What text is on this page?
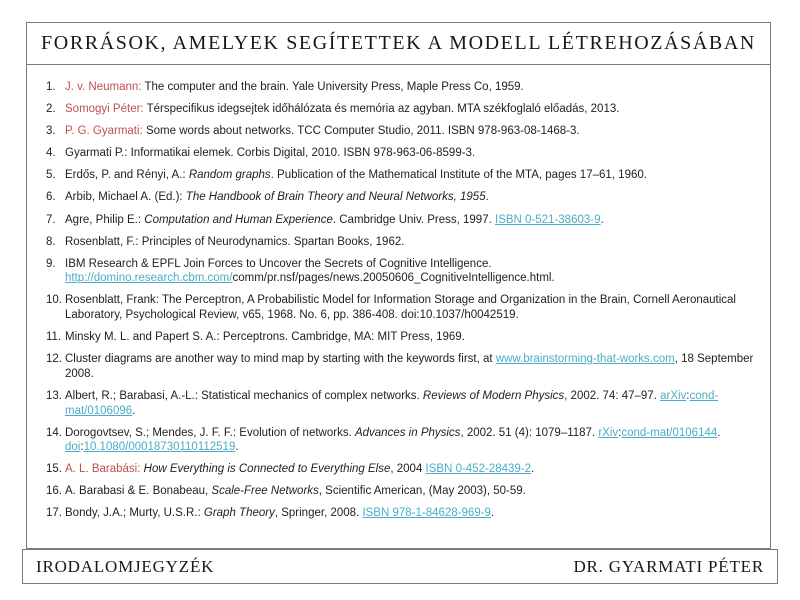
FORRÁSOK, AMELYEK SEGÍTETTEK A MODELL LÉTREHOZÁSÁBAN
1. J. v. Neumann: The computer and the brain. Yale University Press, Maple Press Co, 1959.
2. Somogyi Péter: Térspecifikus idegsejtek időhálózata és memória az agyban. MTA székfoglaló előadás, 2013.
3. P. G. Gyarmati: Some words about networks. TCC Computer Studio, 2011. ISBN 978-963-08-1468-3.
4. Gyarmati P.: Informatikai elemek. Corbis Digital, 2010. ISBN 978-963-06-8599-3.
5. Erdős, P. and Rényi, A.: Random graphs. Publication of the Mathematical Institute of the MTA, pages 17–61, 1960.
6. Arbib, Michael A. (Ed.): The Handbook of Brain Theory and Neural Networks, 1955.
7. Agre, Philip E.: Computation and Human Experience. Cambridge Univ. Press, 1997. ISBN 0-521-38603-9.
8. Rosenblatt, F.: Principles of Neurodynamics. Spartan Books, 1962.
9. IBM Research & EPFL Join Forces to Uncover the Secrets of Cognitive Intelligence. http://domino.research.cbm.com/comm/pr.nsf/pages/news.20050606_CognitiveIntelligence.html.
10. Rosenblatt, Frank: The Perceptron, A Probabilistic Model for Information Storage and Organization in the Brain, Cornell Aeronautical Laboratory, Psychological Review, v65, 1968. No. 6, pp. 386-408. doi:10.1037/h0042519.
11. Minsky M. L. and Papert S. A.: Perceptrons. Cambridge, MA: MIT Press, 1969.
12. Cluster diagrams are another way to mind map by starting with the keywords first, at www.brainstorming-that-works.com, 18 September 2008.
13. Albert, R.; Barabasi, A.-L.: Statistical mechanics of complex networks. Reviews of Modern Physics, 2002. 74: 47–97. arXiv:cond-mat/0106096.
14. Dorogovtsev, S.; Mendes, J. F. F.: Evolution of networks. Advances in Physics, 2002. 51 (4): 1079–1187. rXiv:cond-mat/0106144. doi:10.1080/00018730110112519.
15. A. L. Barabási: How Everything is Connected to Everything Else, 2004 ISBN 0-452-28439-2.
16. A. Barabasi & E. Bonabeau, Scale-Free Networks, Scientific American, (May 2003), 50-59.
17. Bondy, J.A.; Murty, U.S.R.: Graph Theory, Springer, 2008. ISBN 978-1-84628-969-9.
IRODALOMJEGYZÉK	DR. GYARMATI PÉTER
